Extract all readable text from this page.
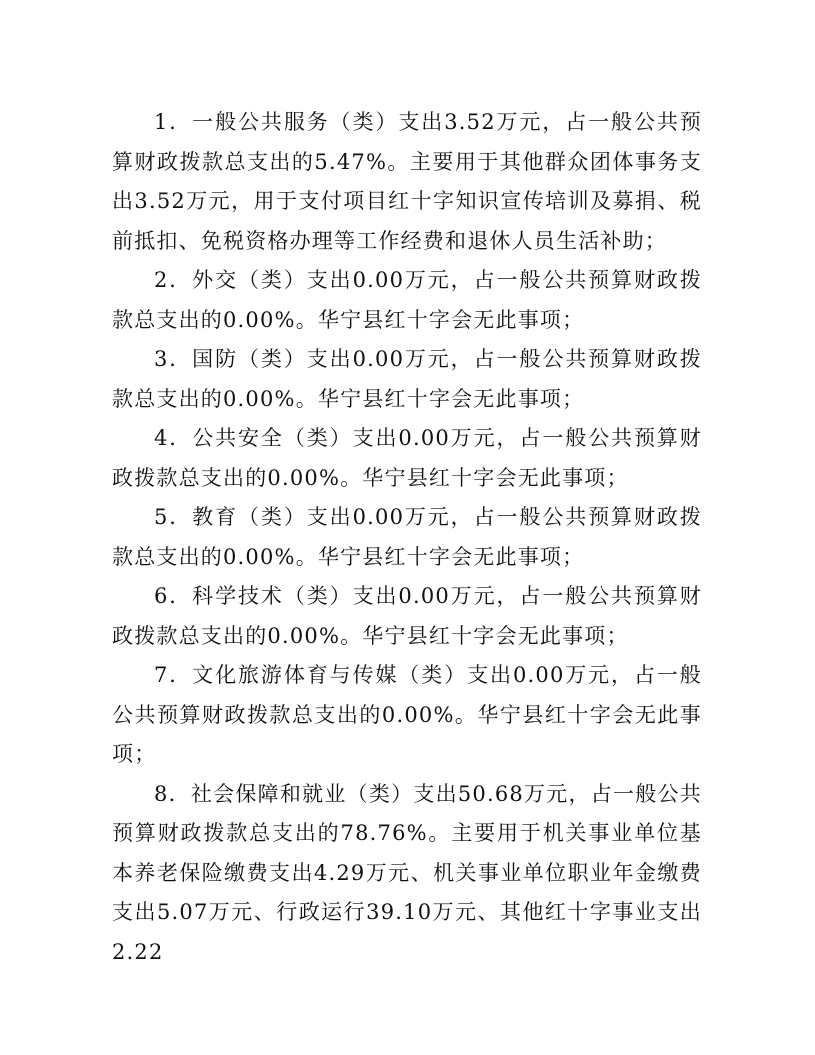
1．一般公共服务（类）支出3.52万元，占一般公共预算财政拨款总支出的5.47%。主要用于其他群众团体事务支出3.52万元，用于支付项目红十字知识宣传培训及募捐、税前抵扣、免税资格办理等工作经费和退休人员生活补助；

2．外交（类）支出0.00万元，占一般公共预算财政拨款总支出的0.00%。华宁县红十字会无此事项；

3．国防（类）支出0.00万元，占一般公共预算财政拨款总支出的0.00%。华宁县红十字会无此事项；

4．公共安全（类）支出0.00万元，占一般公共预算财政拨款总支出的0.00%。华宁县红十字会无此事项；

5．教育（类）支出0.00万元，占一般公共预算财政拨款总支出的0.00%。华宁县红十字会无此事项；

6．科学技术（类）支出0.00万元，占一般公共预算财政拨款总支出的0.00%。华宁县红十字会无此事项；

7．文化旅游体育与传媒（类）支出0.00万元，占一般公共预算财政拨款总支出的0.00%。华宁县红十字会无此事项；

8．社会保障和就业（类）支出50.68万元，占一般公共预算财政拨款总支出的78.76%。主要用于机关事业单位基本养老保险缴费支出4.29万元、机关事业单位职业年金缴费支出5.07万元、行政运行39.10万元、其他红十字事业支出2.22
